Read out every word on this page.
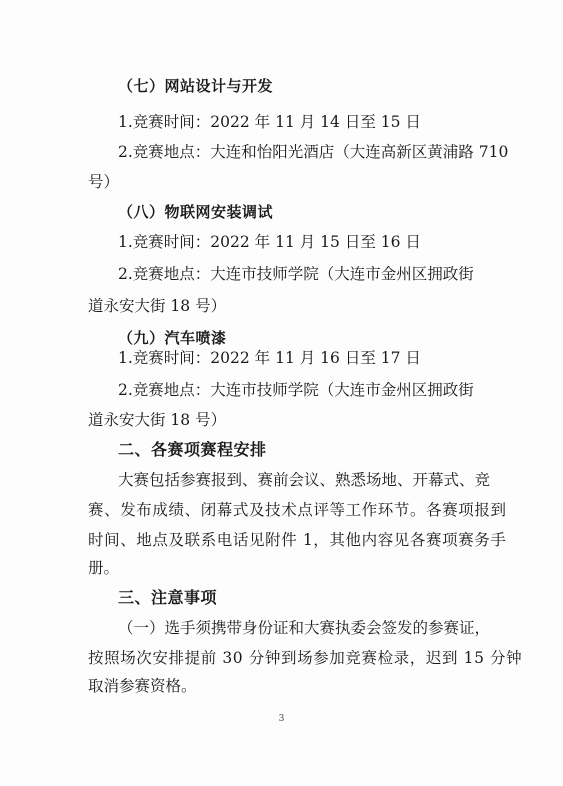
（七）网站设计与开发
1.竞赛时间：2022 年 11 月 14 日至 15 日
2.竞赛地点：大连和怡阳光酒店（大连高新区黄浦路 710
号）
（八）物联网安装调试
1.竞赛时间：2022 年 11 月 15 日至 16 日
2.竞赛地点：大连市技师学院（大连市金州区拥政街
道永安大街 18 号）
（九）汽车喷漆
1.竞赛时间：2022 年 11 月 16 日至 17 日
2.竞赛地点：大连市技师学院（大连市金州区拥政街
道永安大街 18 号）
二、各赛项赛程安排
大赛包括参赛报到、赛前会议、熟悉场地、开幕式、竞
赛、发布成绩、闭幕式及技术点评等工作环节。各赛项报到
时间、地点及联系电话见附件 1，其他内容见各赛项赛务手
册。
三、注意事项
（一）选手须携带身份证和大赛执委会签发的参赛证，
按照场次安排提前 30 分钟到场参加竞赛检录，迟到 15 分钟
取消参赛资格。
3
